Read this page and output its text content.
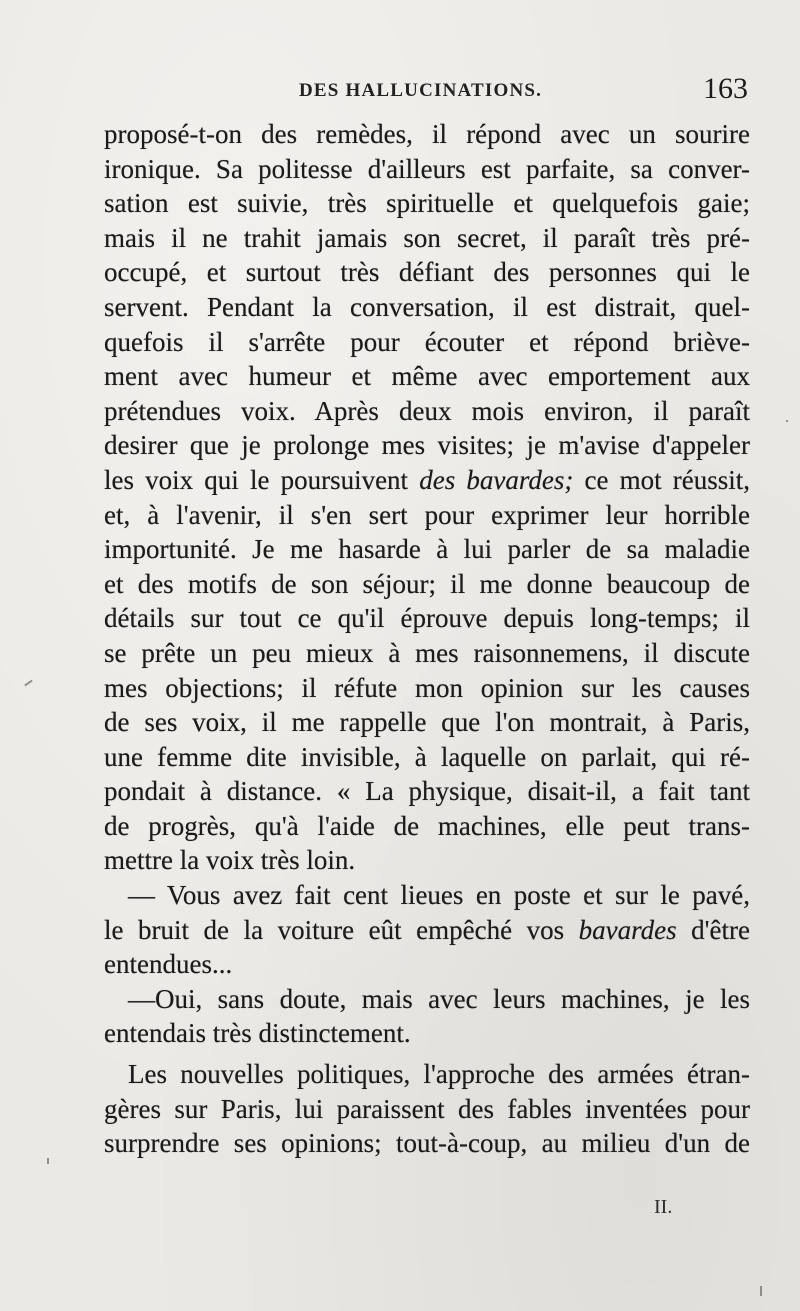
DES HALLUCINATIONS.	163
proposé-t-on des remèdes, il répond avec un sourire
ironique. Sa politesse d'ailleurs est parfaite, sa conver-
sation est suivie, très spirituelle et quelquefois gaie;
mais il ne trahit jamais son secret, il paraît très pré-
occupé, et surtout très défiant des personnes qui le
servent. Pendant la conversation, il est distrait, quel-
quefois il s'arrête pour écouter et répond brièvе-
ment avec humeur et même avec emportement aux
prétendues voix. Après deux mois environ, il paraît
desirer que je prolonge mes visites; je m'avise d'appeler
les voix qui le poursuivent des bavardes; ce mot réussit,
et, à l'avenir, il s'en sert pour exprimer leur horrible
importunité. Je me hasarde à lui parler de sa maladie
et des motifs de son séjour; il me donne beaucoup de
détails sur tout ce qu'il éprouve depuis long-temps; il
se prête un peu mieux à mes raisonnemens, il discute
mes objections; il réfute mon opinion sur les causes
de ses voix, il me rappelle que l'on montrait, à Paris,
une femme dite invisible, à laquelle on parlait, qui ré-
pondait à distance. « La physique, disait-il, a fait tant
de progrès, qu'à l'aide de machines, elle peut trans-
mettre la voix très loin.
— Vous avez fait cent lieues en poste et sur le pavé,
le bruit de la voiture eût empêché vos bavardes d'être
entendues...
—Oui, sans doute, mais avec leurs machines, je les
entendais très distinctement.
Les nouvelles politiques, l'approche des armées étran-
gères sur Paris, lui paraissent des fables inventées pour
surprendre ses opinions; tout-à-coup, au milieu d'un de
II.
